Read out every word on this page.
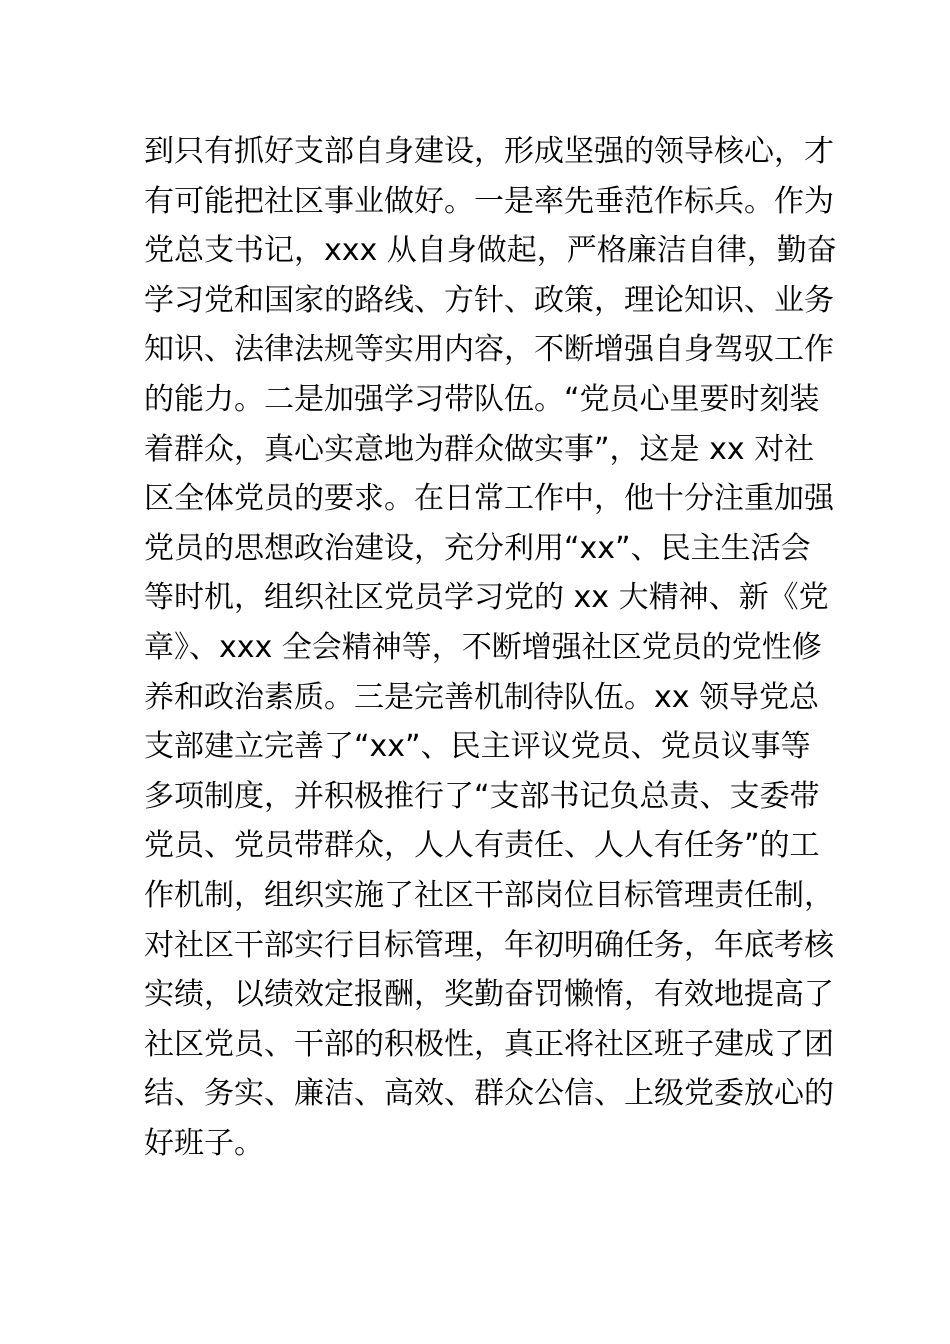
到只有抓好支部自身建设，形成坚强的领导核心，才
有可能把社区事业做好。一是率先垂范作标兵。作为
党总支书记，xxx 从自身做起，严格廉洁自律，勤奋
学习党和国家的路线、方针、政策，理论知识、业务
知识、法律法规等实用内容，不断增强自身驾驭工作
的能力。二是加强学习带队伍。“党员心里要时刻装
着群众，真心实意地为群众做实事”，这是 xx 对社
区全体党员的要求。在日常工作中，他十分注重加强
党员的思想政治建设，充分利用“xx”、民主生活会
等时机，组织社区党员学习党的 xx 大精神、新《党
章》、xxx 全会精神等，不断增强社区党员的党性修
养和政治素质。三是完善机制待队伍。xx 领导党总
支部建立完善了“xx”、民主评议党员、党员议事等
多项制度，并积极推行了“支部书记负总责、支委带
党员、党员带群众，人人有责任、人人有任务”的工
作机制，组织实施了社区干部岗位目标管理责任制，
对社区干部实行目标管理，年初明确任务，年底考核
实绩，以绩效定报酬，奖勤奋罚懒惰，有效地提高了
社区党员、干部的积极性，真正将社区班子建成了团
结、务实、廉洁、高效、群众公信、上级党委放心的
好班子。
